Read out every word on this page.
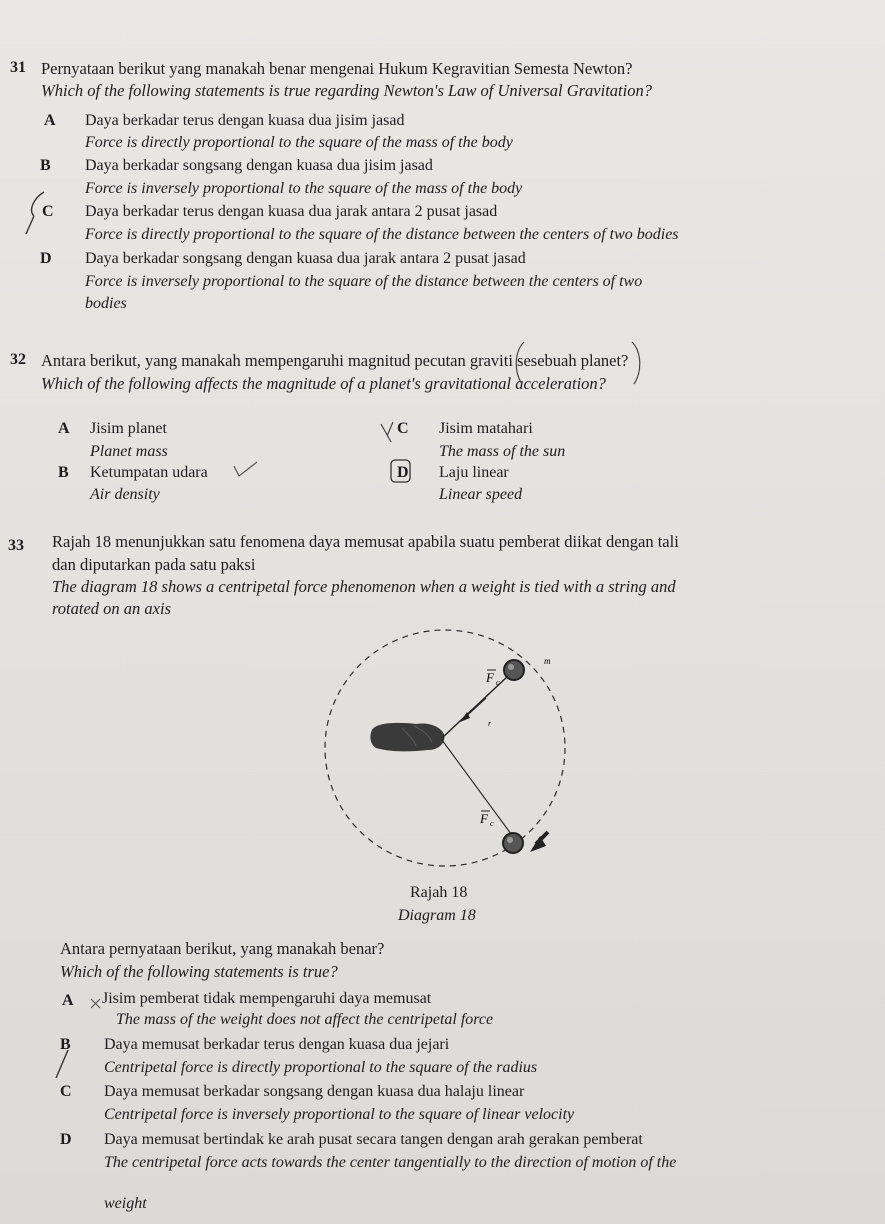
31 Pernyataan berikut yang manakah benar mengenai Hukum Kegravitian Semesta Newton?
Which of the following statements is true regarding Newton's Law of Universal Gravitation?
A Daya berkadar terus dengan kuasa dua jisim jasad
Force is directly proportional to the square of the mass of the body
B Daya berkadar songsang dengan kuasa dua jisim jasad
Force is inversely proportional to the square of the mass of the body
C Daya berkadar terus dengan kuasa dua jarak antara 2 pusat jasad
Force is directly proportional to the square of the distance between the centers of two bodies
D Daya berkadar songsang dengan kuasa dua jarak antara 2 pusat jasad
Force is inversely proportional to the square of the distance between the centers of two
bodies
32 Antara berikut, yang manakah mempengaruhi magnitud pecutan graviti sesebuah planet?
Which of the following affects the magnitude of a planet's gravitational acceleration?
A Jisim planet
Planet mass
B Ketumpatan udara
Air density
C Jisim matahari
The mass of the sun
D Laju linear
Linear speed
33 Rajah 18 menunjukkan satu fenomena daya memusat apabila suatu pemberat diikat dengan tali
dan diputarkan pada satu paksi
The diagram 18 shows a centripetal force phenomenon when a weight is tied with a string and
rotated on an axis
F c
F c
m
r
Rajah 18
Diagram 18
Antara pernyataan berikut, yang manakah benar?
Which of the following statements is true?
A Jisim pemberat tidak mempengaruhi daya memusat
The mass of the weight does not affect the centripetal force
B Daya memusat berkadar terus dengan kuasa dua jejari
Centripetal force is directly proportional to the square of the radius
C Daya memusat berkadar songsang dengan kuasa dua halaju linear
Centripetal force is inversely proportional to the square of linear velocity
D Daya memusat bertindak ke arah pusat secara tangen dengan arah gerakan pemberat
The centripetal force acts towards the center tangentially to the direction of motion of the
weight
